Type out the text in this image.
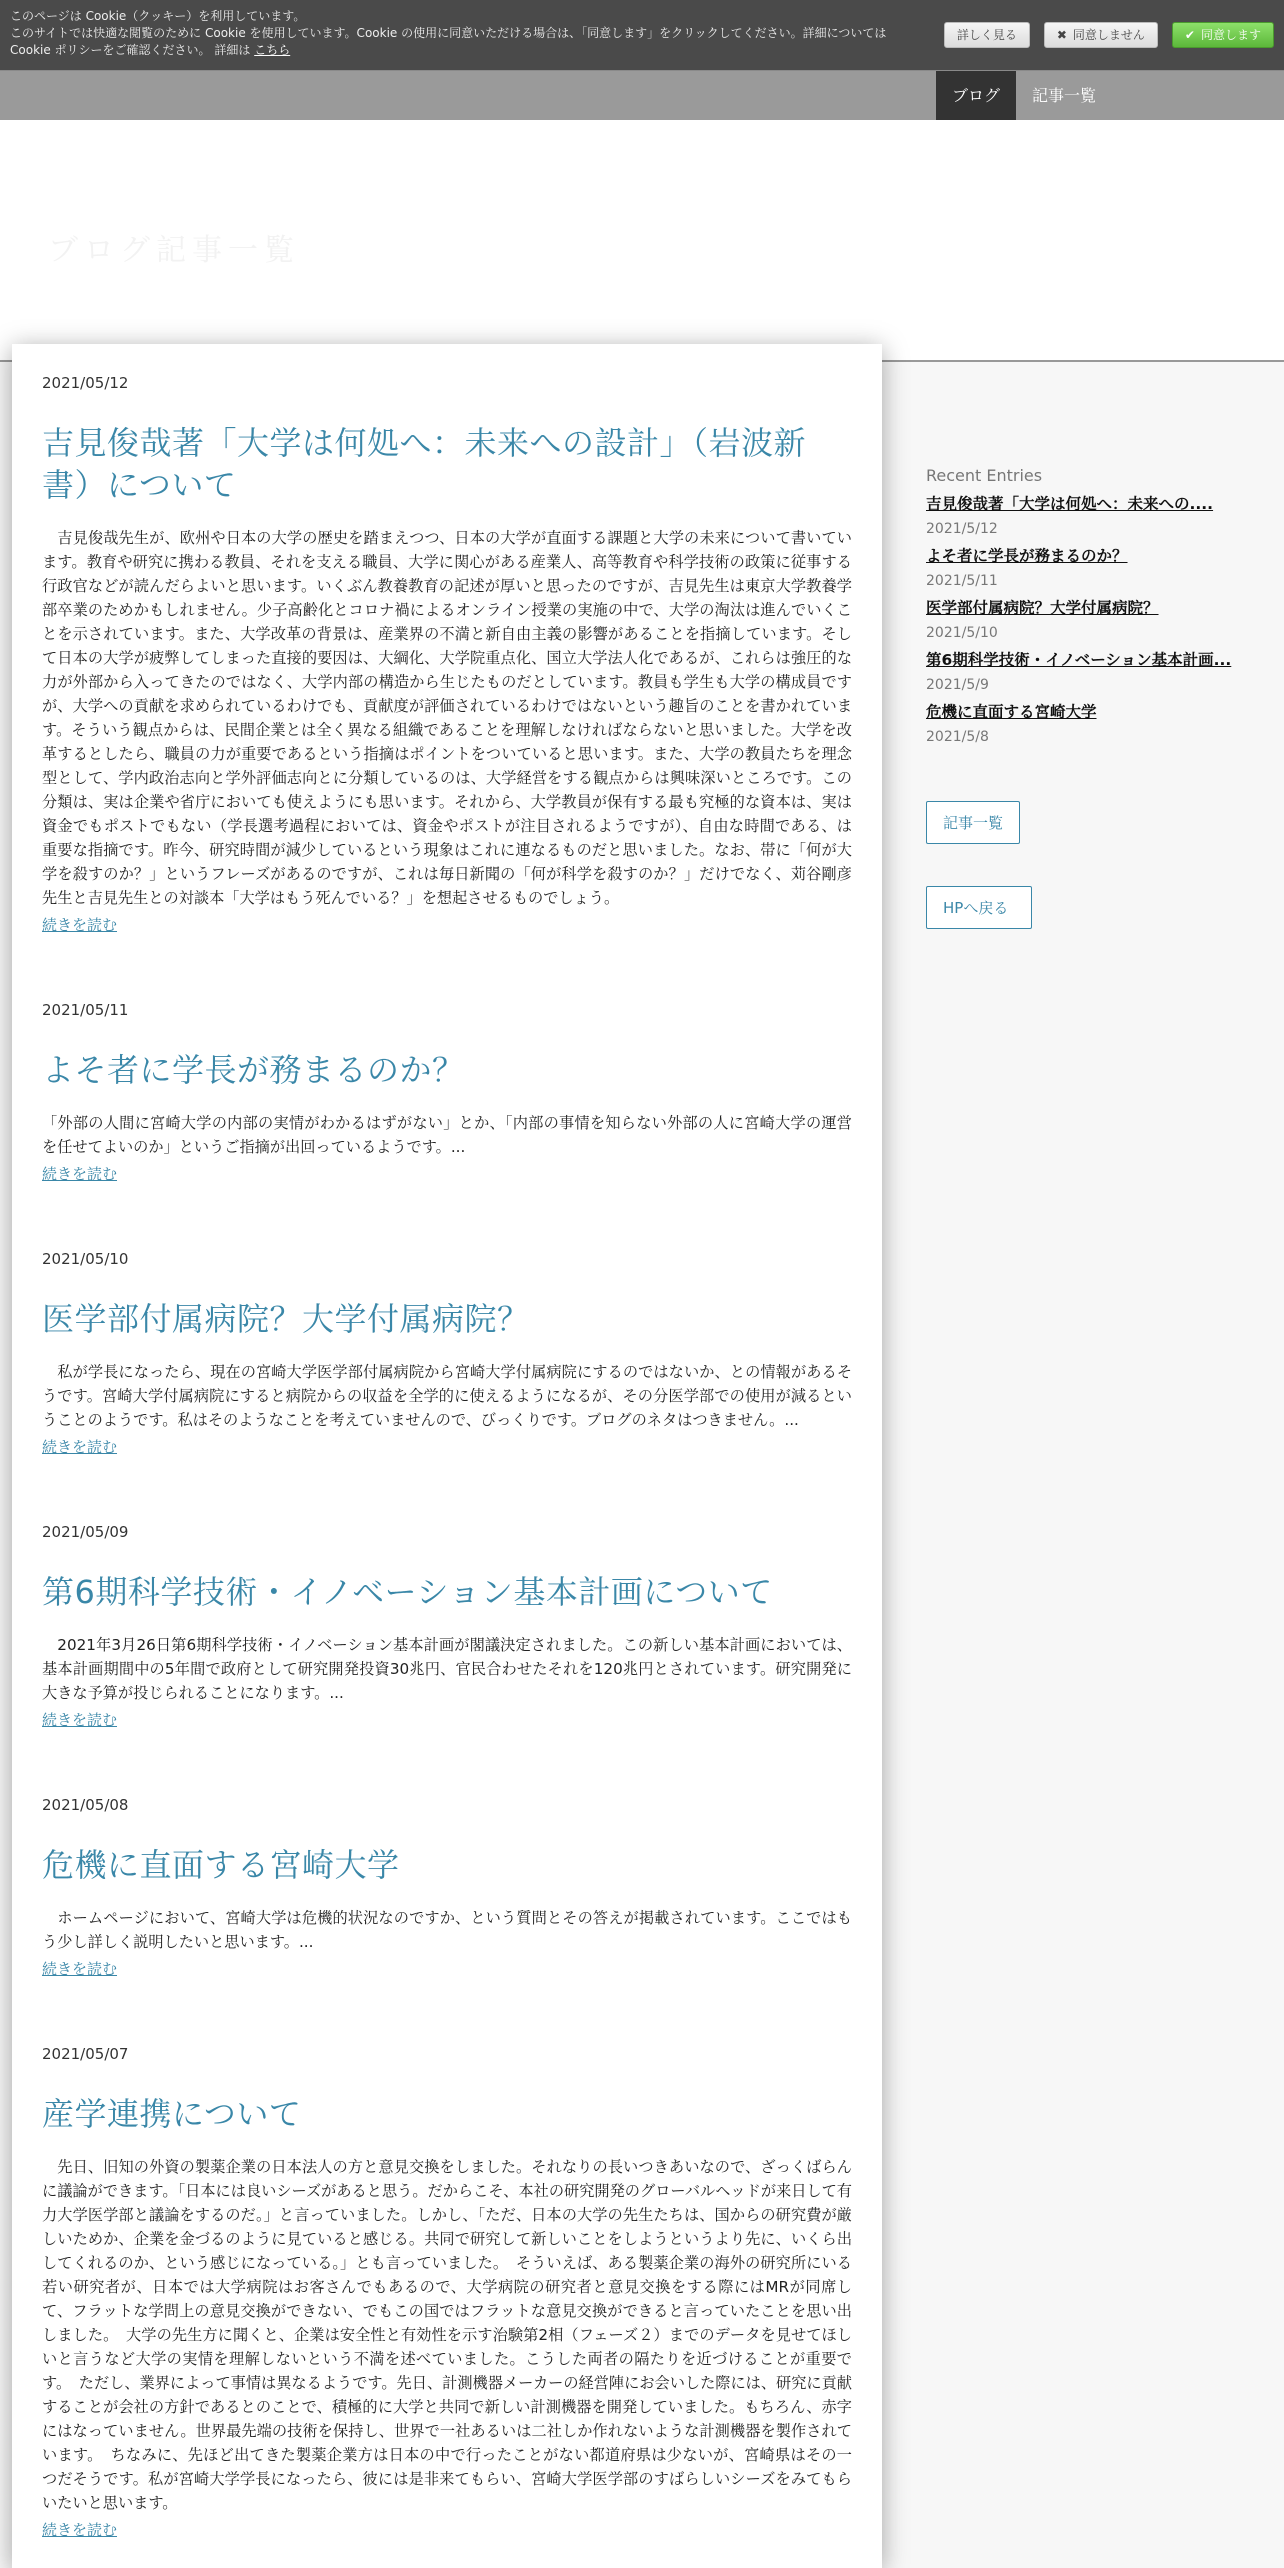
このページは Cookie（クッキー）を利用しています。
このサイトでは快適な閲覧のために Cookie を使用しています。Cookie の使用に同意いただける場合は、「同意します」をクリックしてください。詳細については Cookie ポリシーをご確認ください。 詳細は こちら
詳しく見る	✖ 同意しません	✔ 同意します
ブログ	記事一覧
ブログ記事一覧
2021/05/12
吉見俊哉著「大学は何処へ：未来への設計」（岩波新書）について

　吉見俊哉先生が、欧州や日本の大学の歴史を踏まえつつ、日本の大学が直面する課題と大学の未来について書いています。教育や研究に携わる教員、それを支える職員、大学に関心がある産業人、高等教育や科学技術の政策に従事する行政官などが読んだらよいと思います。いくぶん教養教育の記述が厚いと思ったのですが、吉見先生は東京大学教養学部卒業のためかもしれません。少子高齢化とコロナ禍によるオンライン授業の実施の中で、大学の淘汰は進んでいくことを示されています。また、大学改革の背景は、産業界の不満と新自由主義の影響があることを指摘しています。そして日本の大学が疲弊してしまった直接的要因は、大綱化、大学院重点化、国立大学法人化であるが、これらは強圧的な力が外部から入ってきたのではなく、大学内部の構造から生じたものだとしています。教員も学生も大学の構成員ですが、大学への貢献を求められているわけでも、貢献度が評価されているわけではないという趣旨のことを書かれています。そういう観点からは、民間企業とは全く異なる組織であることを理解しなければならないと思いました。大学を改革するとしたら、職員の力が重要であるという指摘はポイントをついていると思います。また、大学の教員たちを理念型として、学内政治志向と学外評価志向とに分類しているのは、大学経営をする観点からは興味深いところです。この分類は、実は企業や省庁においても使えようにも思います。それから、大学教員が保有する最も究極的な資本は、実は資金でもポストでもない（学長選考過程においては、資金やポストが注目されるようですが）、自由な時間である、は重要な指摘です。昨今、研究時間が減少しているという現象はこれに連なるものだと思いました。なお、帯に「何が大学を殺すのか？」というフレーズがあるのですが、これは毎日新聞の「何が科学を殺すのか？」だけでなく、苅谷剛彦先生と吉見先生との対談本「大学はもう死んでいる？」を想起させるものでしょう。

続きを読む
2021/05/11
よそ者に学長が務まるのか？

「外部の人間に宮崎大学の内部の実情がわかるはずがない」とか、「内部の事情を知らない外部の人に宮崎大学の運営を任せてよいのか」というご指摘が出回っているようです。...

続きを読む
2021/05/10
医学部付属病院？大学付属病院？

　私が学長になったら、現在の宮崎大学医学部付属病院から宮崎大学付属病院にするのではないか、との情報があるそうです。宮崎大学付属病院にすると病院からの収益を全学的に使えるようになるが、その分医学部での使用が減るということのようです。私はそのようなことを考えていませんので、びっくりです。ブログのネタはつきません。...

続きを読む
2021/05/09
第6期科学技術・イノベーション基本計画について

　2021年3月26日第6期科学技術・イノベーション基本計画が閣議決定されました。この新しい基本計画においては、基本計画期間中の5年間で政府として研究開発投資30兆円、官民合わせたそれを120兆円とされています。研究開発に大きな予算が投じられることになります。...

続きを読む
2021/05/08
危機に直面する宮崎大学

　ホームページにおいて、宮崎大学は危機的状況なのですか、という質問とその答えが掲載されています。ここではもう少し詳しく説明したいと思います。...

続きを読む
2021/05/07
産学連携について

　先日、旧知の外資の製薬企業の日本法人の方と意見交換をしました。それなりの長いつきあいなので、ざっくばらんに議論ができます。「日本には良いシーズがあると思う。だからこそ、本社の研究開発のグローバルヘッドが来日して有力大学医学部と議論をするのだ。」と言っていました。しかし、「ただ、日本の大学の先生たちは、国からの研究費が厳しいためか、企業を金づるのように見ていると感じる。共同で研究して新しいことをしようというより先に、いくら出してくれるのか、という感じになっている。」とも言っていました。　そういえば、ある製薬企業の海外の研究所にいる若い研究者が、日本では大学病院はお客さんでもあるので、大学病院の研究者と意見交換をする際にはMRが同席して、フラットな学問上の意見交換ができない、でもこの国ではフラットな意見交換ができると言っていたことを思い出しました。　大学の先生方に聞くと、企業は安全性と有効性を示す治験第2相（フェーズ２）までのデータを見せてほしいと言うなど大学の実情を理解しないという不満を述べていました。こうした両者の隔たりを近づけることが重要です。　ただし、業界によって事情は異なるようです。先日、計測機器メーカーの経営陣にお会いした際には、研究に貢献することが会社の方針であるとのことで、積極的に大学と共同で新しい計測機器を開発していました。もちろん、赤字にはなっていません。世界最先端の技術を保持し、世界で一社あるいは二社しか作れないような計測機器を製作されています。　ちなみに、先ほど出てきた製薬企業方は日本の中で行ったことがない都道府県は少ないが、宮崎県はその一つだそうです。私が宮崎大学学長になったら、彼には是非来てもらい、宮崎大学医学部のすばらしいシーズをみてもらいたいと思います。

続きを読む
Recent Entries
吉見俊哉著「大学は何処へ：未来への....
2021/5/12
よそ者に学長が務まるのか？
2021/5/11
医学部付属病院？大学付属病院？
2021/5/10
第6期科学技術・イノベーション基本計画...
2021/5/9
危機に直面する宮崎大学
2021/5/8
記事一覧
HPへ戻る
